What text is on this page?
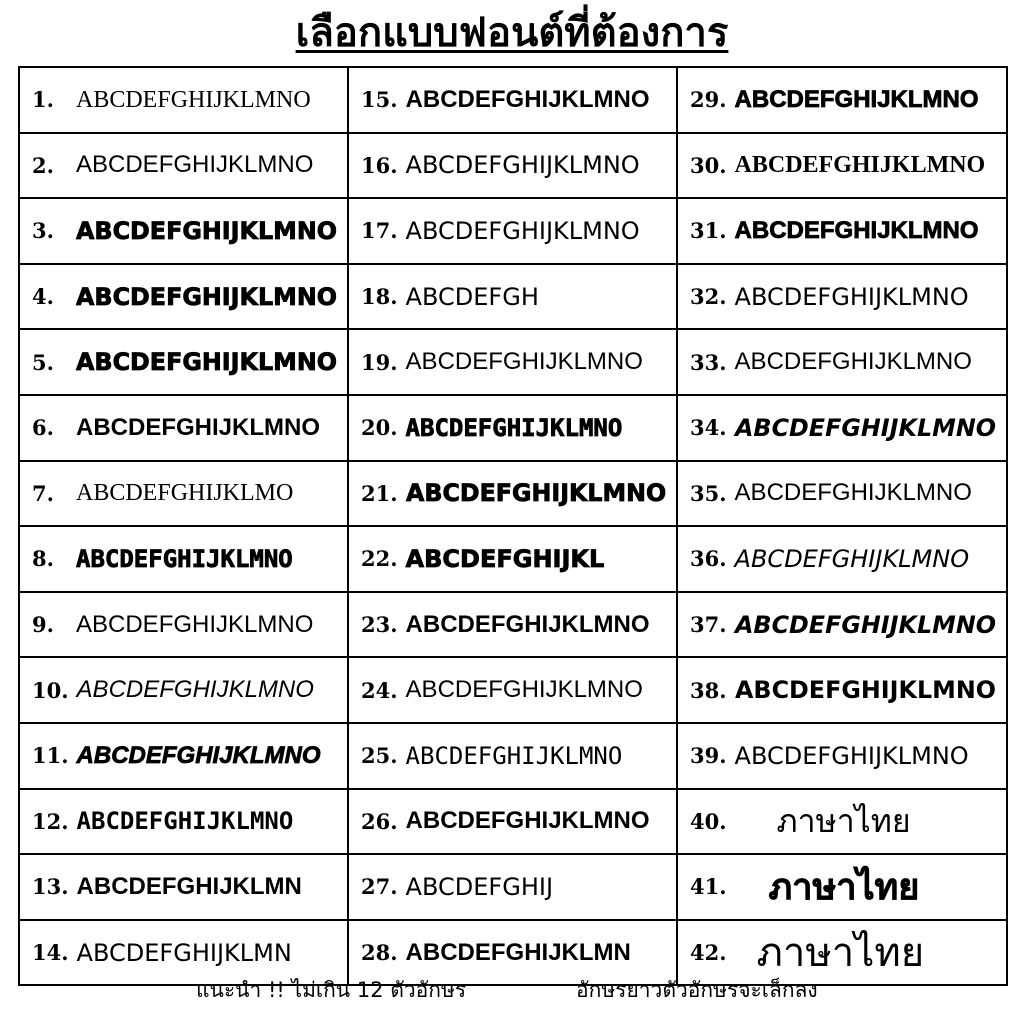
เลือกแบบฟอนต์ที่ต้องการ
1. ABCDEFGHIJKLMNO	15. ABCDEFGHIJKLMNO	29. ABCDEFGHIJKLMNO

2. ABCDEFGHIJKLMNO	16. ABCDEFGHIJKLMNO	30. ABCDEFGHIJKLMNO

3. ABCDEFGHIJKLMNO	17. ABCDEFGHIJKLMNO	31. ABCDEFGHIJKLMNO

4. ABCDEFGHIJKLMNO	18. ABCDEFGH	32. ABCDEFGHIJKLMNO

5. ABCDEFGHIJKLMNO	19. ABCDEFGHIJKLMNO	33. ABCDEFGHIJKLMNO

6. ABCDEFGHIJKLMNO	20. ABCDEFGHIJKLMNO	34. ABCDEFGHIJKLMNO

7. ABCDEFGHIJKLMO	21. ABCDEFGHIJKLMNO	35. ABCDEFGHIJKLMNO

8. ABCDEFGHIJKLMNO	22. ABCDEFGHIJKL	36. ABCDEFGHIJKLMNO

9. ABCDEFGHIJKLMNO	23. ABCDEFGHIJKLMNO	37. ABCDEFGHIJKLMNO

10. ABCDEFGHIJKLMNO	24. ABCDEFGHIJKLMNO	38. ABCDEFGHIJKLMNO

11. ABCDEFGHIJKLMNO	25. ABCDEFGHIJKLMNO	39. ABCDEFGHIJKLMNO

12. ABCDEFGHIJKLMNO	26. ABCDEFGHIJKLMNO	40. ภาษาไทย

13. ABCDEFGHIJKLMN	27. ABCDEFGHIJ	41. ภาษาไทย

14. ABCDEFGHIJKLMN	28. ABCDEFGHIJKLMN	42. ภาษาไทย
แนะนำ !! ไม่เกิน 12 ตัวอักษร	อักษรยาวตัวอักษรจะเล็กลง
